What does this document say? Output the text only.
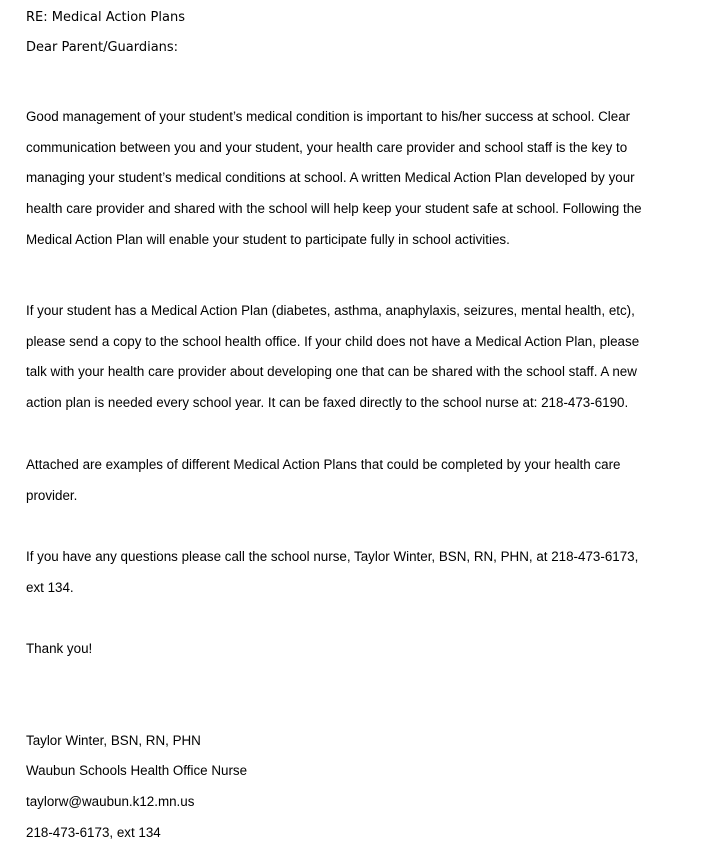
RE: Medical Action Plans
Dear Parent/Guardians:
Good management of your student’s medical condition is important to his/her success at school. Clear
communication between you and your student, your health care provider and school staff is the key to
managing your student’s medical conditions at school. A written Medical Action Plan developed by your
health care provider and shared with the school will help keep your student safe at school. Following the
Medical Action Plan will enable your student to participate fully in school activities.
If your student has a Medical Action Plan (diabetes, asthma, anaphylaxis, seizures, mental health, etc),
please send a copy to the school health office. If your child does not have a Medical Action Plan, please
talk with your health care provider about developing one that can be shared with the school staff. A new
action plan is needed every school year. It can be faxed directly to the school nurse at: 218-473-6190.
Attached are examples of different Medical Action Plans that could be completed by your health care
provider.
If you have any questions please call the school nurse, Taylor Winter, BSN, RN, PHN, at 218-473-6173,
ext 134.
Thank you!
Taylor Winter, BSN, RN, PHN
Waubun Schools Health Office Nurse
taylorw@waubun.k12.mn.us
218-473-6173, ext 134
